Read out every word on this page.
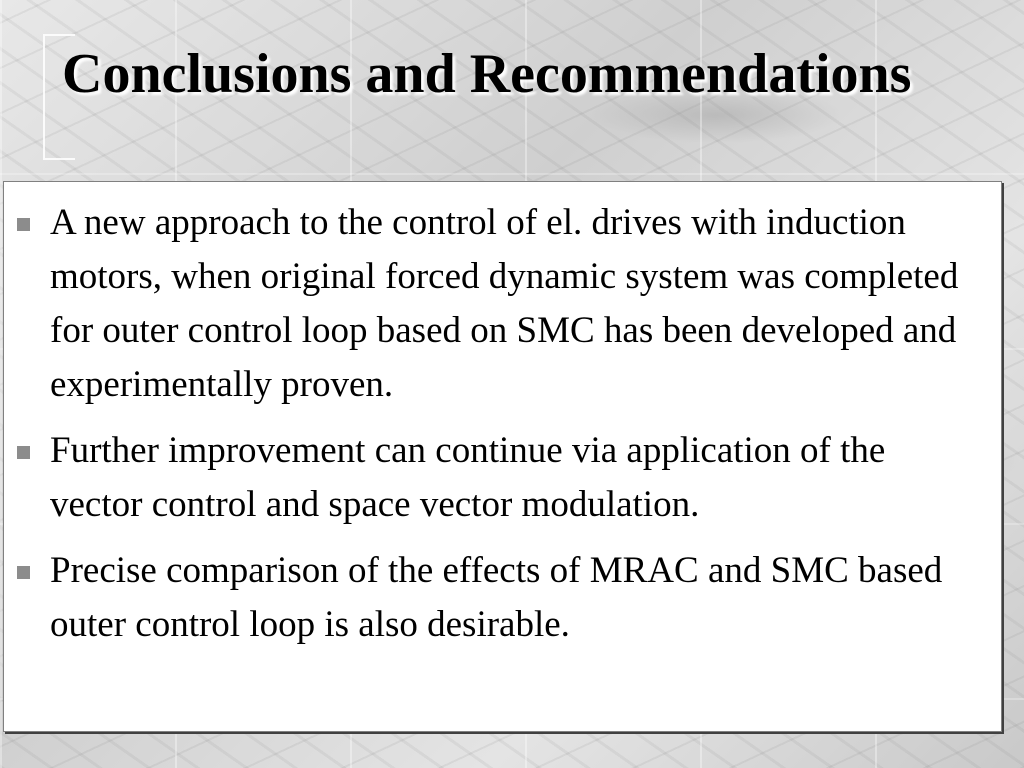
Conclusions and Recommendations
A new approach to the control of el. drives with induction motors, when original forced dynamic system was completed for outer control loop based on SMC has been developed and experimentally proven.
Further improvement can continue via application of the vector control and space vector modulation.
Precise comparison of the effects of MRAC and SMC based outer control loop is also desirable.
